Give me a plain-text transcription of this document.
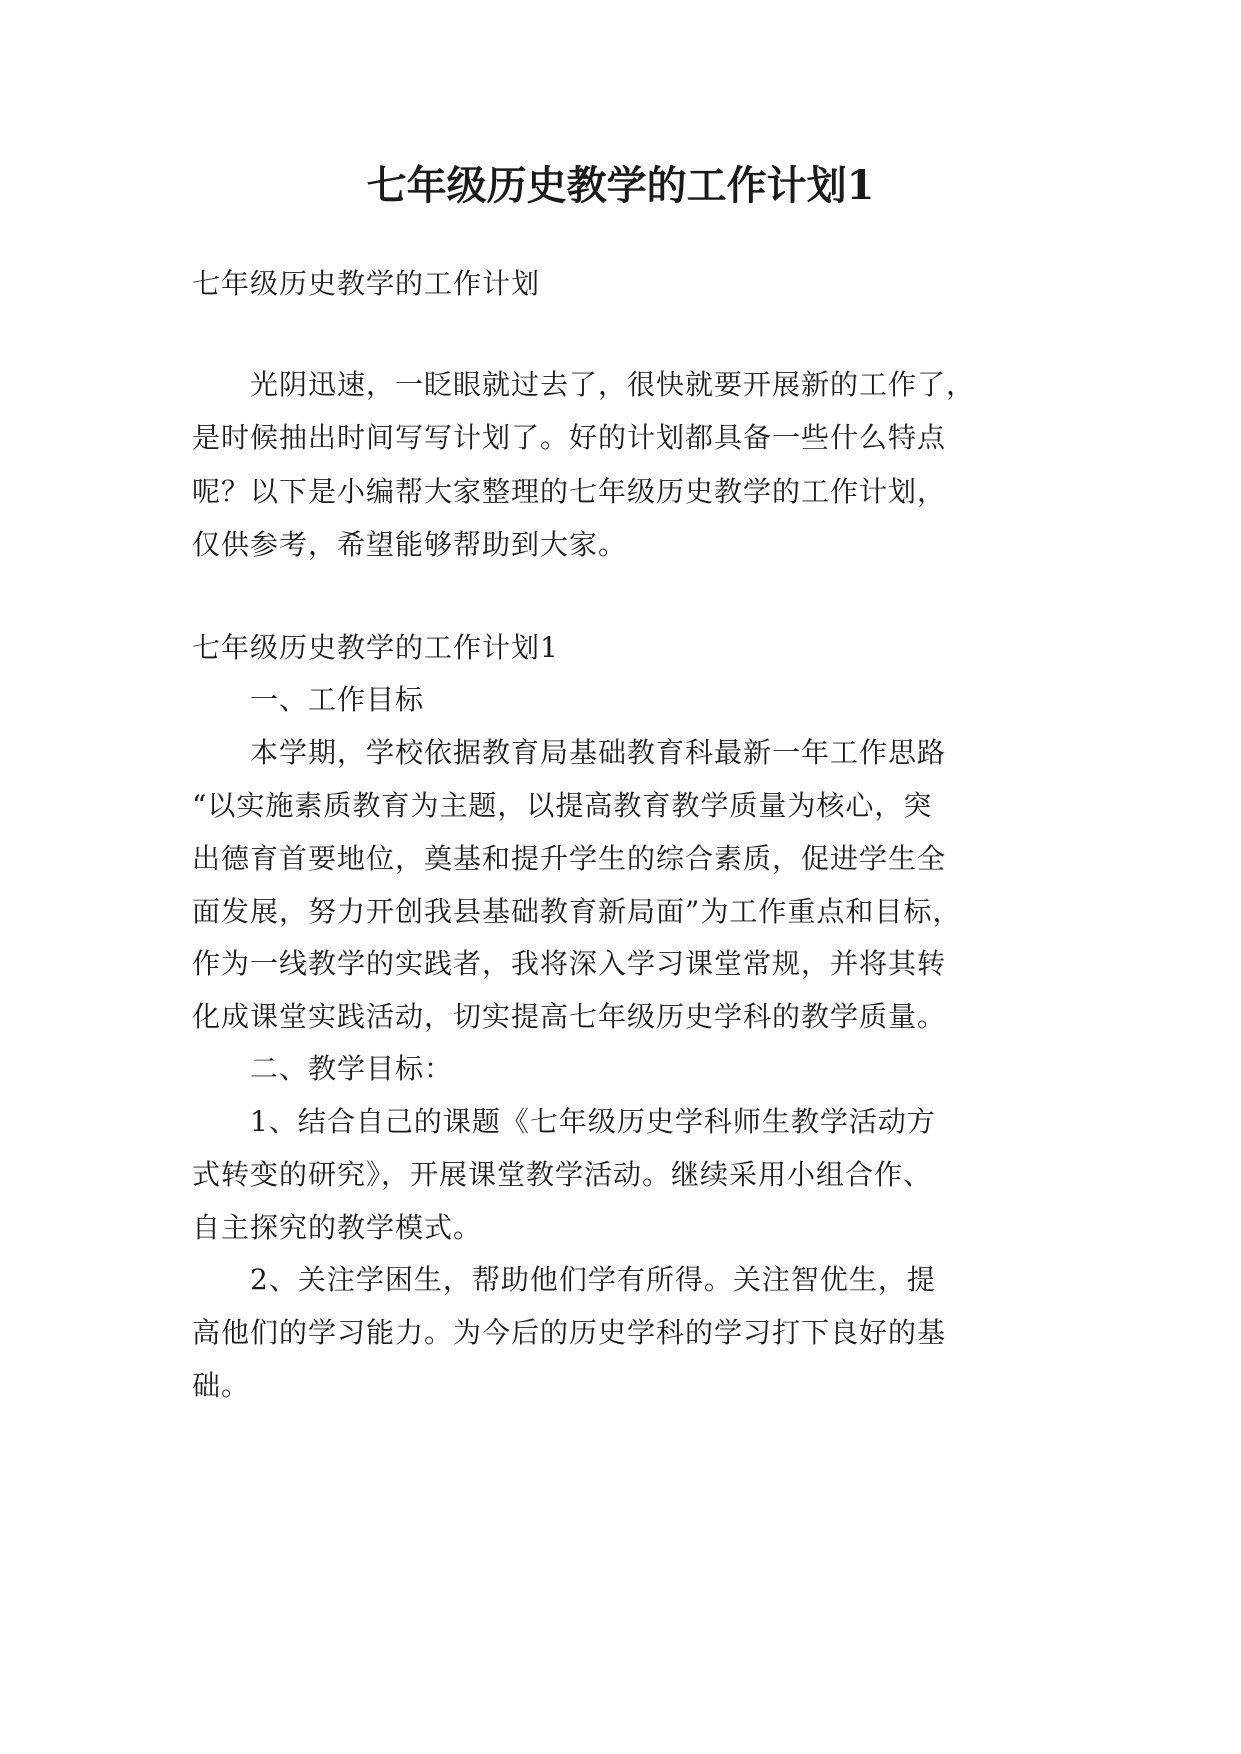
七年级历史教学的工作计划1
七年级历史教学的工作计划
光阴迅速，一眨眼就过去了，很快就要开展新的工作了，
是时候抽出时间写写计划了。好的计划都具备一些什么特点
呢？以下是小编帮大家整理的七年级历史教学的工作计划，
仅供参考，希望能够帮助到大家。
七年级历史教学的工作计划1
一、工作目标
本学期，学校依据教育局基础教育科最新一年工作思路
“以实施素质教育为主题，以提高教育教学质量为核心，突
出德育首要地位，奠基和提升学生的综合素质，促进学生全
面发展，努力开创我县基础教育新局面”为工作重点和目标，
作为一线教学的实践者，我将深入学习课堂常规，并将其转
化成课堂实践活动，切实提高七年级历史学科的教学质量。
二、教学目标：
1、结合自己的课题《七年级历史学科师生教学活动方
式转变的研究》，开展课堂教学活动。继续采用小组合作、
自主探究的教学模式。
2、关注学困生，帮助他们学有所得。关注智优生，提
高他们的学习能力。为今后的历史学科的学习打下良好的基
础。
